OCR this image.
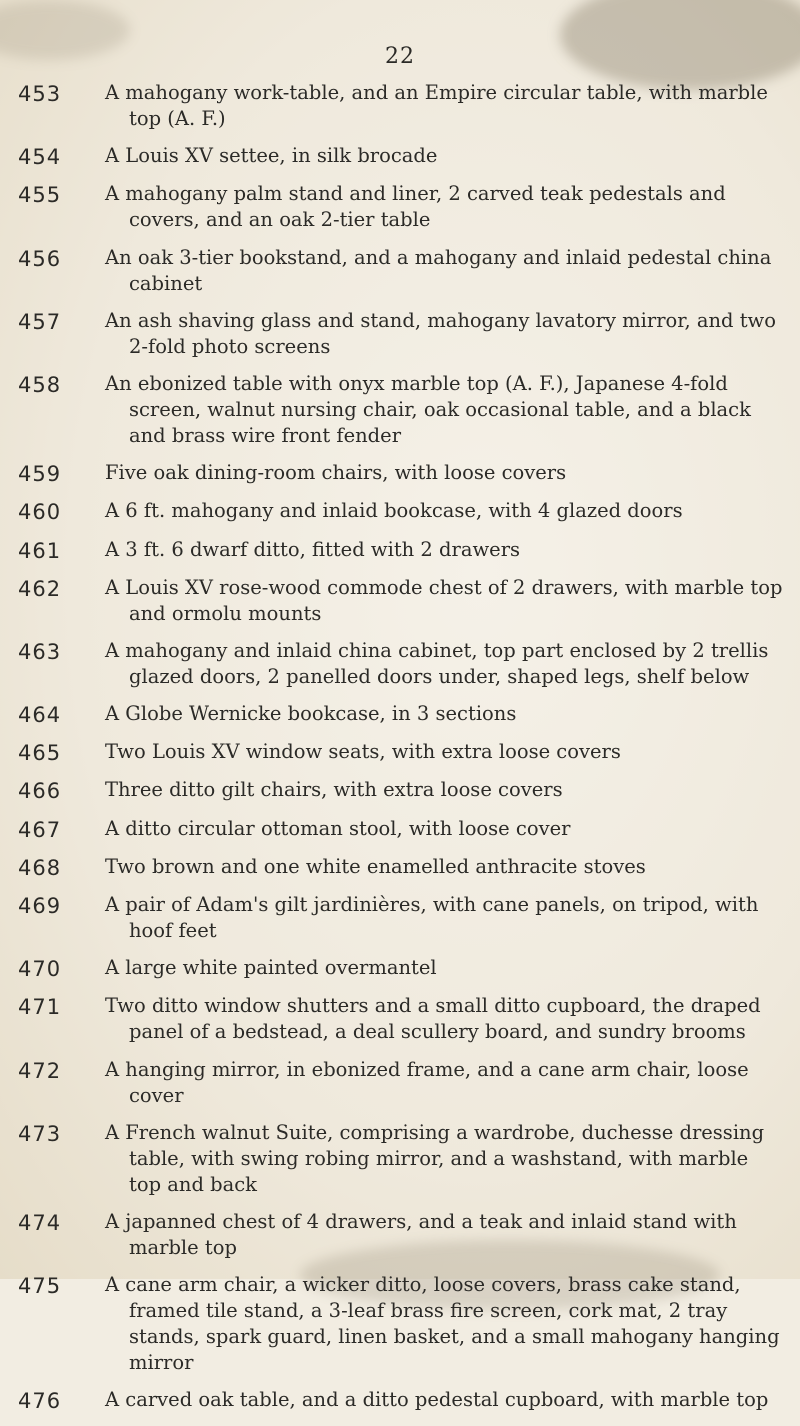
22
453	A mahogany work-table, and an Empire circular table, with marble top (A. F.)
454	A Louis XV settee, in silk brocade
455	A mahogany palm stand and liner, 2 carved teak pedestals and covers, and an oak 2-tier table
456	An oak 3-tier bookstand, and a mahogany and inlaid pedestal china cabinet
457	An ash shaving glass and stand, mahogany lavatory mirror, and two 2-fold photo screens
458	An ebonized table with onyx marble top (A. F.), Japanese 4-fold screen, walnut nursing chair, oak occasional table, and a black and brass wire front fender
459	Five oak dining-room chairs, with loose covers
460	A 6 ft. mahogany and inlaid bookcase, with 4 glazed doors
461	A 3 ft. 6 dwarf ditto, fitted with 2 drawers
462	A Louis XV rose-wood commode chest of 2 drawers, with marble top and ormolu mounts
463	A mahogany and inlaid china cabinet, top part enclosed by 2 trellis glazed doors, 2 panelled doors under, shaped legs, shelf below
464	A Globe Wernicke bookcase, in 3 sections
465	Two Louis XV window seats, with extra loose covers
466	Three ditto gilt chairs, with extra loose covers
467	A ditto circular ottoman stool, with loose cover
468	Two brown and one white enamelled anthracite stoves
469	A pair of Adam's gilt jardinières, with cane panels, on tripod, with hoof feet
470	A large white painted overmantel
471	Two ditto window shutters and a small ditto cupboard, the draped panel of a bedstead, a deal scullery board, and sundry brooms
472	A hanging mirror, in ebonized frame, and a cane arm chair, loose cover
473	A French walnut Suite, comprising a wardrobe, duchesse dressing table, with swing robing mirror, and a washstand, with marble top and back
474	A japanned chest of 4 drawers, and a teak and inlaid stand with marble top
475	A cane arm chair, a wicker ditto, loose covers, brass cake stand, framed tile stand, a 3-leaf brass fire screen, cork mat, 2 tray stands, spark guard, linen basket, and a small mahogany hanging mirror
476	A carved oak table, and a ditto pedestal cupboard, with marble top
